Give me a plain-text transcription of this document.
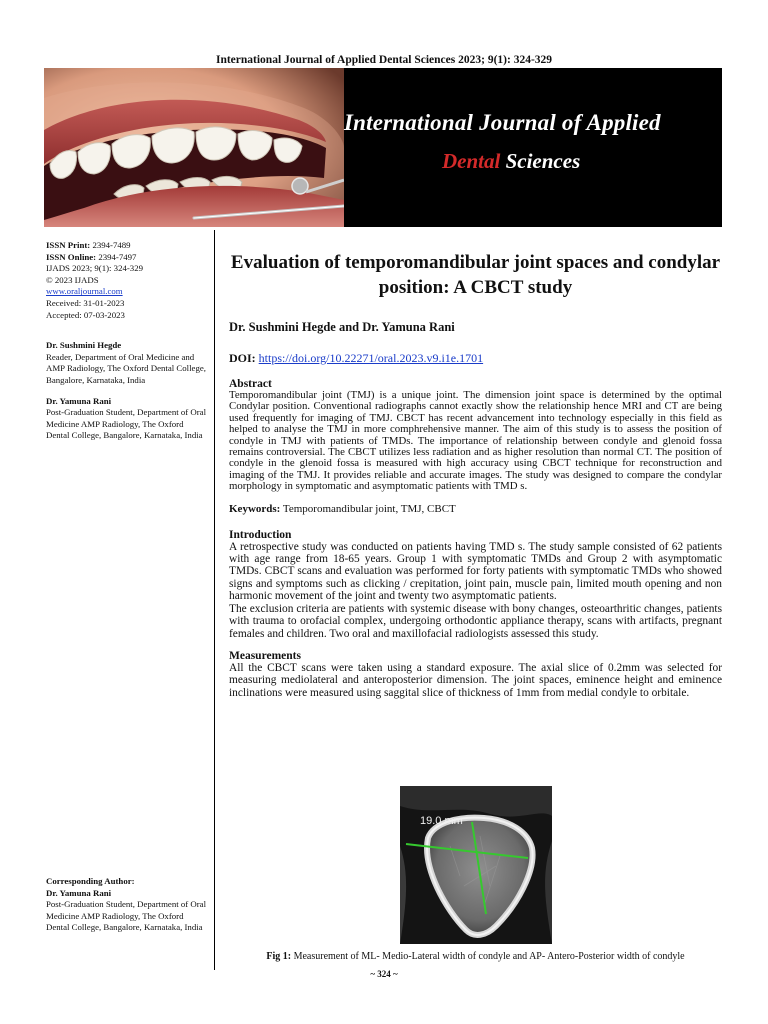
International Journal of Applied Dental Sciences 2023; 9(1): 324-329
International Journal of Applied
Dental Sciences
ISSN Print: 2394-7489
ISSN Online: 2394-7497
IJADS 2023; 9(1): 324-329
© 2023 IJADS
www.oraljournal.com
Received: 31-01-2023
Accepted: 07-03-2023
Dr. Sushmini Hegde
Reader, Department of Oral Medicine and AMP Radiology, The Oxford Dental College, Bangalore, Karnataka, India
Dr. Yamuna Rani
Post-Graduation Student, Department of Oral Medicine AMP Radiology, The Oxford Dental College, Bangalore, Karnataka, India
Corresponding Author:
Dr. Yamuna Rani
Post-Graduation Student, Department of Oral Medicine AMP Radiology, The Oxford Dental College, Bangalore, Karnataka, India
Evaluation of temporomandibular joint spaces and condylar position: A CBCT study
Dr. Sushmini Hegde and Dr. Yamuna Rani
DOI: https://doi.org/10.22271/oral.2023.v9.i1e.1701
Abstract

Temporomandibular joint (TMJ) is a unique joint. The dimension joint space is determined by the optimal Condylar position. Conventional radiographs cannot exactly show the relationship hence MRI and CT are being used frequently for imaging of TMJ. CBCT has recent advancement into technology especially in this field as helped to analyse the TMJ in more comphrehensive manner. The aim of this study is to assess the position of condyle in TMJ with patients of TMDs. The importance of relationship between condyle and glenoid fossa remains controversial. The CBCT utilizes less radiation and as higher resolution than normal CT. The position of condyle in the glenoid fossa is measured with high accuracy using CBCT technique for reconstruction and imaging of the TMJ. It provides reliable and accurate images. The study was designed to compare the condylar morphology in symptomatic and asymptomatic patients with TMD s.

Keywords: Temporomandibular joint, TMJ, CBCT
Introduction

A retrospective study was conducted on patients having TMD s. The study sample consisted of 62 patients with age range from 18-65 years. Group 1 with symptomatic TMDs and Group 2 with asymptomatic TMDs. CBCT scans and evaluation was performed for forty patients with symptomatic TMDs who showed signs and symptoms such as clicking / crepitation, joint pain, muscle pain, limited mouth opening and non harmonic movement of the joint and twenty two asymptomatic patients.

The exclusion criteria are patients with systemic disease with bony changes, osteoarthritic changes, patients with trauma to orofacial complex, undergoing orthodontic appliance therapy, scans with artifacts, pregnant females and children. Two oral and maxillofacial radiologists assessed this study.

Measurements

All the CBCT scans were taken using a standard exposure. The axial slice of 0.2mm was selected for measuring mediolateral and anteroposterior dimension. The joint spaces, eminence height and eminence inclinations were measured using saggital slice of thickness of 1mm from medial condyle to orbitale.

19.0 mm
Fig 1: Measurement of ML- Medio-Lateral width of condyle and AP- Antero-Posterior width of condyle
~ 324 ~
